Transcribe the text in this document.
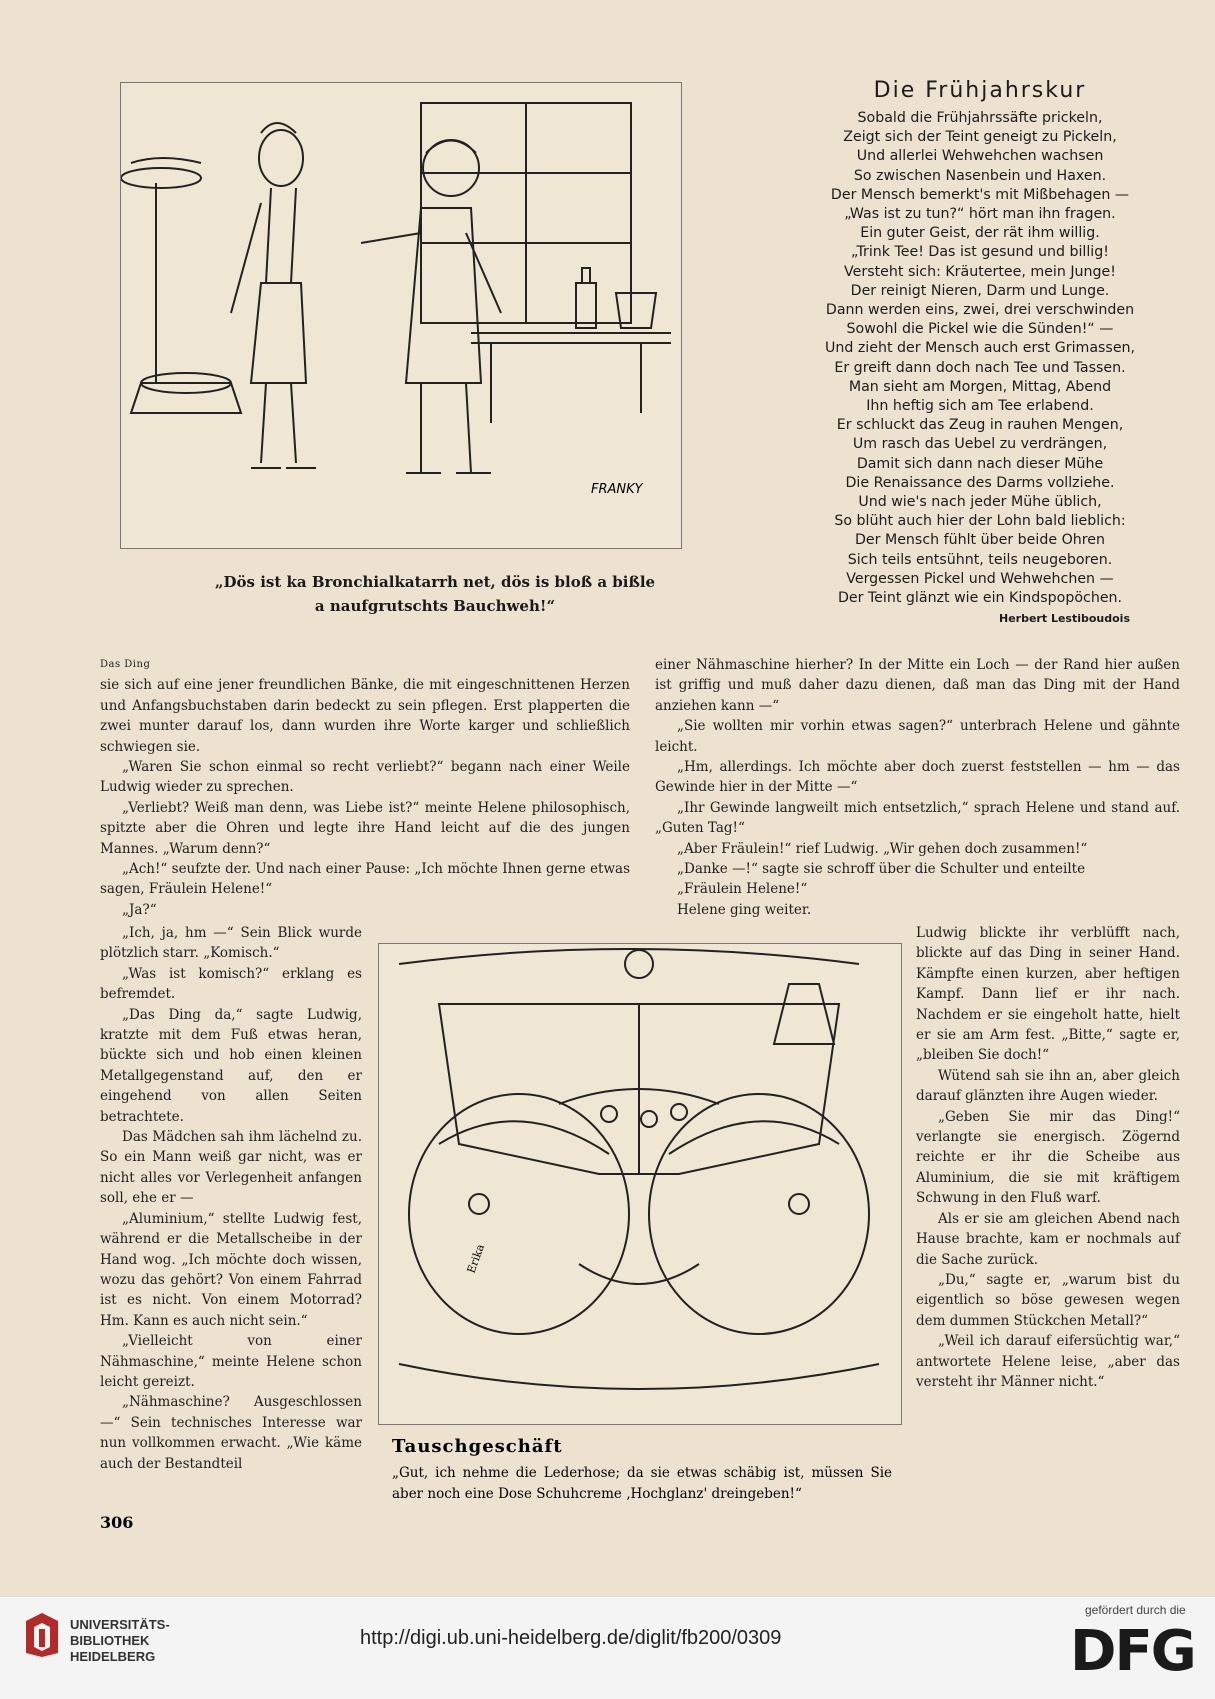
FRANKY
„Dös ist ka Bronchialkatarrh net, dös is bloß a bißle
a naufgrutschts Bauchweh!“
Die Frühjahrskur
Sobald die Frühjahrssäfte prickeln,
Zeigt sich der Teint geneigt zu Pickeln,
Und allerlei Wehwehchen wachsen
So zwischen Nasenbein und Haxen.
Der Mensch bemerkt's mit Mißbehagen —
„Was ist zu tun?“ hört man ihn fragen.
Ein guter Geist, der rät ihm willig.
„Trink Tee! Das ist gesund und billig!
Versteht sich: Kräutertee, mein Junge!
Der reinigt Nieren, Darm und Lunge.
Dann werden eins, zwei, drei verschwinden
Sowohl die Pickel wie die Sünden!“ —
Und zieht der Mensch auch erst Grimassen,
Er greift dann doch nach Tee und Tassen.
Man sieht am Morgen, Mittag, Abend
Ihn heftig sich am Tee erlabend.
Er schluckt das Zeug in rauhen Mengen,
Um rasch das Uebel zu verdrängen,
Damit sich dann nach dieser Mühe
Die Renaissance des Darms vollziehe.
Und wie's nach jeder Mühe üblich,
So blüht auch hier der Lohn bald lieblich:
Der Mensch fühlt über beide Ohren
Sich teils entsühnt, teils neugeboren.
Vergessen Pickel und Wehwehchen —
Der Teint glänzt wie ein Kindspopöchen.
Herbert Lestiboudois
Das Ding

sie sich auf eine jener freundlichen Bänke, die mit eingeschnittenen Herzen und Anfangsbuchstaben darin bedeckt zu sein pflegen. Erst plapperten die zwei munter darauf los, dann wurden ihre Worte karger und schließlich schwiegen sie.

„Waren Sie schon einmal so recht verliebt?“ begann nach einer Weile Ludwig wieder zu sprechen.

„Verliebt? Weiß man denn, was Liebe ist?“ meinte Helene philosophisch, spitzte aber die Ohren und legte ihre Hand leicht auf die des jungen Mannes. „Warum denn?“

„Ach!“ seufzte der. Und nach einer Pause: „Ich möchte Ihnen gerne etwas sagen, Fräulein Helene!“

„Ja?“

einer Nähmaschine hierher? In der Mitte ein Loch — der Rand hier außen ist griffig und muß daher dazu dienen, daß man das Ding mit der Hand anziehen kann —“

„Sie wollten mir vorhin etwas sagen?“ unterbrach Helene und gähnte leicht.

„Hm, allerdings. Ich möchte aber doch zuerst feststellen — hm — das Gewinde hier in der Mitte —“

„Ihr Gewinde langweilt mich entsetzlich,“ sprach Helene und stand auf. „Guten Tag!“

„Aber Fräulein!“ rief Ludwig. „Wir gehen doch zusammen!“

„Danke —!“ sagte sie schroff über die Schulter und enteilte

„Fräulein Helene!“

Helene ging weiter.

„Ich, ja, hm —“ Sein Blick wurde plötzlich starr. „Komisch.“

„Was ist komisch?“ erklang es befremdet.

„Das Ding da,“ sagte Ludwig, kratzte mit dem Fuß etwas heran, bückte sich und hob einen kleinen Metallgegenstand auf, den er eingehend von allen Seiten betrachtete.

Das Mädchen sah ihm lächelnd zu. So ein Mann weiß gar nicht, was er nicht alles vor Verlegenheit anfangen soll, ehe er —

„Aluminium,“ stellte Ludwig fest, während er die Metallscheibe in der Hand wog. „Ich möchte doch wissen, wozu das gehört? Von einem Fahrrad ist es nicht. Von einem Motorrad? Hm. Kann es auch nicht sein.“

„Vielleicht von einer Nähmaschine,“ meinte Helene schon leicht gereizt.

„Nähmaschine? Ausgeschlossen —“ Sein technisches Interesse war nun vollkommen erwacht. „Wie käme auch der Bestandteil

Ludwig blickte ihr verblüfft nach, blickte auf das Ding in seiner Hand. Kämpfte einen kurzen, aber heftigen Kampf. Dann lief er ihr nach. Nachdem er sie eingeholt hatte, hielt er sie am Arm fest. „Bitte,“ sagte er, „bleiben Sie doch!“

Wütend sah sie ihn an, aber gleich darauf glänzten ihre Augen wieder.

„Geben Sie mir das Ding!“ verlangte sie energisch. Zögernd reichte er ihr die Scheibe aus Aluminium, die sie mit kräftigem Schwung in den Fluß warf.

Als er sie am gleichen Abend nach Hause brachte, kam er nochmals auf die Sache zurück.

„Du,“ sagte er, „warum bist du eigentlich so böse gewesen wegen dem dummen Stückchen Metall?“

„Weil ich darauf eifersüchtig war,“ antwortete Helene leise, „aber das versteht ihr Männer nicht.“

Erika
Tauschgeschäft
„Gut, ich nehme die Lederhose; da sie etwas schäbig ist, müssen Sie aber noch eine Dose Schuhcreme ‚Hochglanz' dreingeben!“
306
UNIVERSITÄTS-
BIBLIOTHEK
HEIDELBERG
http://digi.ub.uni-heidelberg.de/diglit/fb200/0309
gefördert durch die
DFG
